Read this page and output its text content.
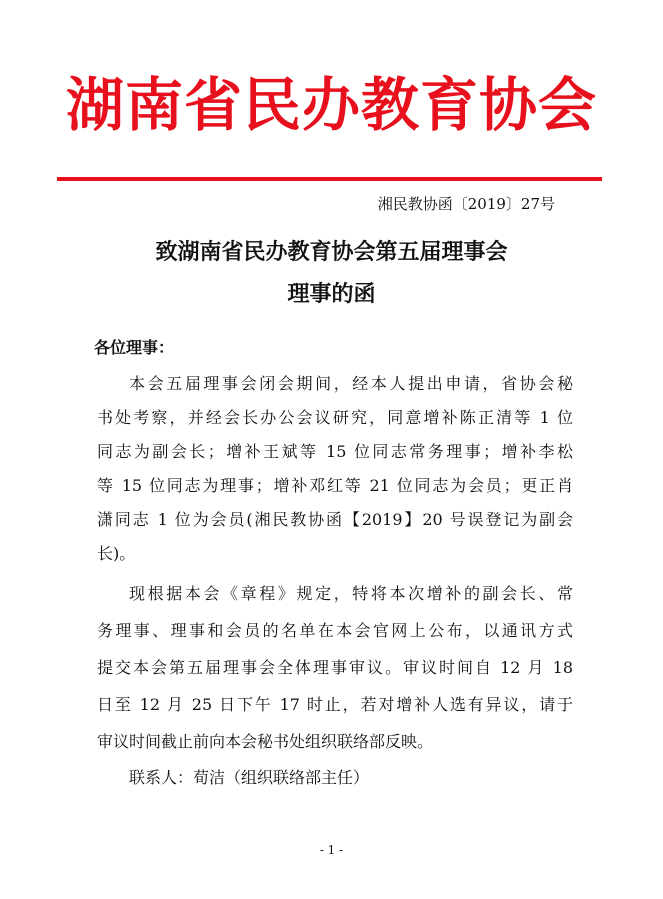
湖南省民办教育协会
湘民教协函〔2019〕27号
致湖南省民办教育协会第五届理事会
理事的函
各位理事：
本会五届理事会闭会期间，经本人提出申请，省协会秘
书处考察，并经会长办公会议研究，同意增补陈正清等 1 位
同志为副会长；增补王斌等 15 位同志常务理事；增补李松
等 15 位同志为理事；增补邓红等 21 位同志为会员；更正肖
潇同志 1 位为会员(湘民教协函【2019】20 号误登记为副会
长)。
现根据本会《章程》规定，特将本次增补的副会长、常
务理事、理事和会员的名单在本会官网上公布，以通讯方式
提交本会第五届理事会全体理事审议。审议时间自 12 月 18
日至 12 月 25 日下午 17 时止，若对增补人选有异议，请于
审议时间截止前向本会秘书处组织联络部反映。
联系人：荀洁（组织联络部主任）
- 1 -
